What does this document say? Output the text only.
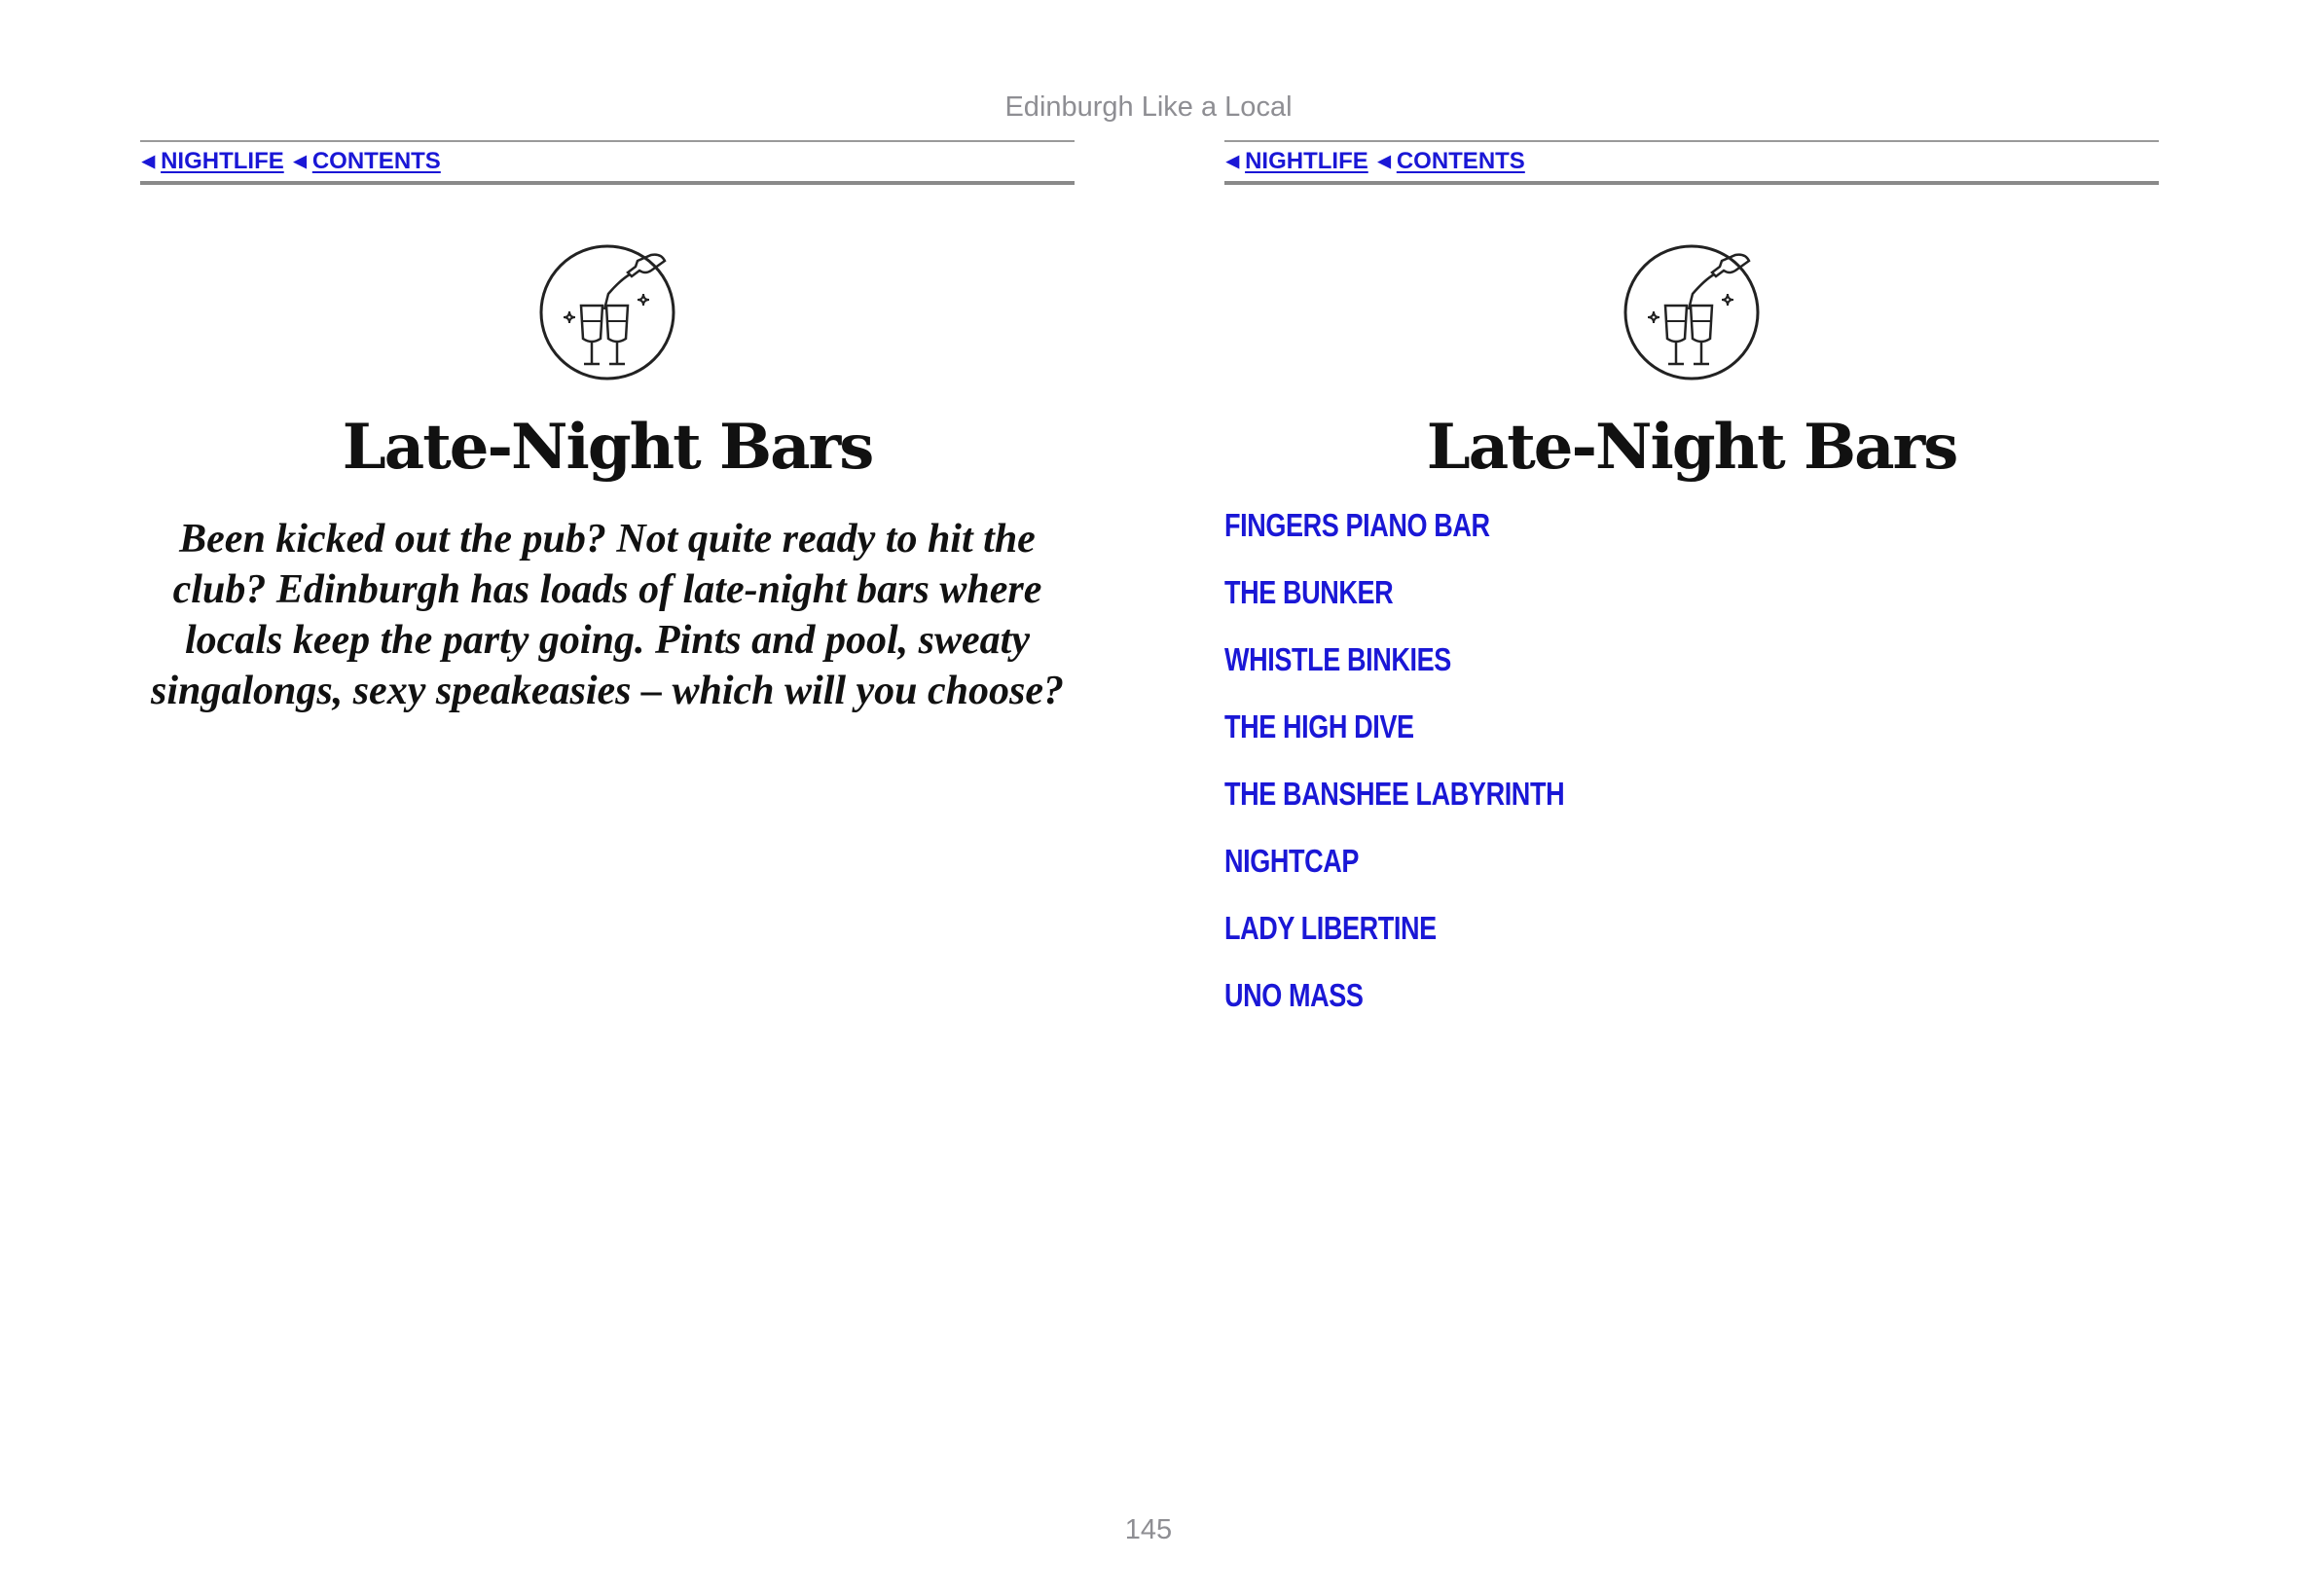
Edinburgh Like a Local
◀ NIGHTLIFE ◀ CONTENTS
Late-Night Bars
Been kicked out the pub? Not quite ready to hit the club? Edinburgh has loads of late-night bars where locals keep the party going. Pints and pool, sweaty singalongs, sexy speakeasies – which will you choose?
◀ NIGHTLIFE ◀ CONTENTS
Late-Night Bars
FINGERS PIANO BAR
THE BUNKER
WHISTLE BINKIES
THE HIGH DIVE
THE BANSHEE LABYRINTH
NIGHTCAP
LADY LIBERTINE
UNO MASS
145
